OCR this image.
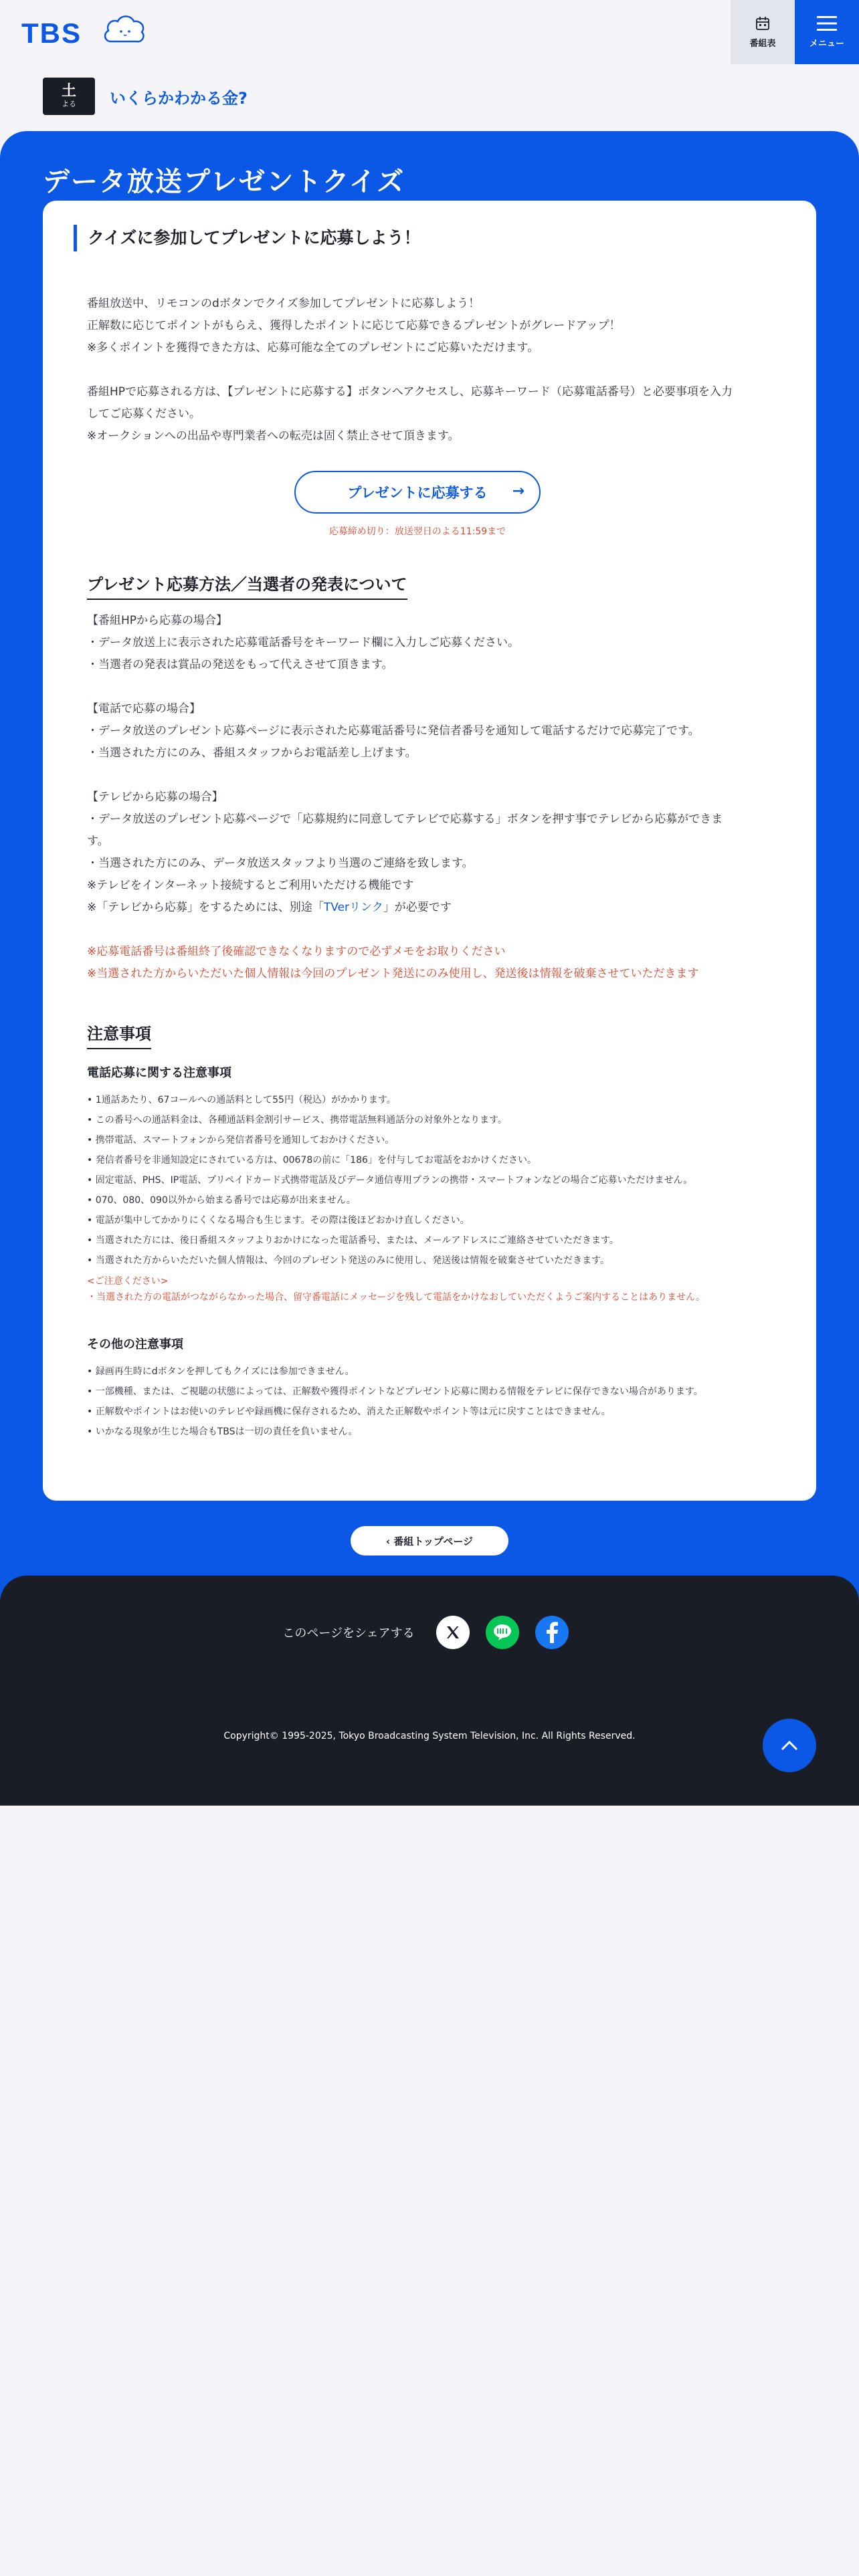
TBS	番組表	メニュー
土
よる いくらかわかる金?
データ放送プレゼントクイズ
クイズに参加してプレゼントに応募しよう！
番組放送中、リモコンのdボタンでクイズ参加してプレゼントに応募しよう！
正解数に応じてポイントがもらえ、獲得したポイントに応じて応募できるプレゼントがグレードアップ！
※多くポイントを獲得できた方は、応募可能な全てのプレゼントにご応募いただけます。
番組HPで応募される方は、【プレゼントに応募する】ボタンへアクセスし、応募キーワード（応募電話番号）と必要事項を入力
してご応募ください。
※オークションへの出品や専門業者への転売は固く禁止させて頂きます。
プレゼントに応募する →
応募締め切り：放送翌日のよる11:59まで
プレゼント応募方法／当選者の発表について
【番組HPから応募の場合】
・データ放送上に表示された応募電話番号をキーワード欄に入力しご応募ください。
・当選者の発表は賞品の発送をもって代えさせて頂きます。
【電話で応募の場合】
・データ放送のプレゼント応募ページに表示された応募電話番号に発信者番号を通知して電話するだけで応募完了です。
・当選された方にのみ、番組スタッフからお電話差し上げます。
【テレビから応募の場合】
・データ放送のプレゼント応募ページで「応募規約に同意してテレビで応募する」ボタンを押す事でテレビから応募ができま
す。
・当選された方にのみ、データ放送スタッフより当選のご連絡を致します。
※テレビをインターネット接続するとご利用いただける機能です
※「テレビから応募」をするためには、別途「TVerリンク」が必要です
※応募電話番号は番組終了後確認できなくなりますので必ずメモをお取りください
※当選された方からいただいた個人情報は今回のプレゼント発送にのみ使用し、発送後は情報を破棄させていただきます
注意事項
電話応募に関する注意事項
• 1通話あたり、67コールへの通話料として55円（税込）がかかります。
• この番号への通話料金は、各種通話料金割引サービス、携帯電話無料通話分の対象外となります。
• 携帯電話、スマートフォンから発信者番号を通知しておかけください。
• 発信者番号を非通知設定にされている方は、00678の前に「186」を付与してお電話をおかけください。
• 固定電話、PHS、IP電話、プリペイドカード式携帯電話及びデータ通信専用プランの携帯・スマートフォンなどの場合ご応募いただけません。
• 070、080、090以外から始まる番号では応募が出来ません。
• 電話が集中してかかりにくくなる場合も生じます。その際は後ほどおかけ直しください。
• 当選された方には、後日番組スタッフよりおかけになった電話番号、または、メールアドレスにご連絡させていただきます。
• 当選された方からいただいた個人情報は、今回のプレゼント発送のみに使用し、発送後は情報を破棄させていただきます。
<ご注意ください>
・当選された方の電話がつながらなかった場合、留守番電話にメッセージを残して電話をかけなおしていただくようご案内することはありません。
その他の注意事項
• 録画再生時にdボタンを押してもクイズには参加できません。
• 一部機種、または、ご視聴の状態によっては、正解数や獲得ポイントなどプレゼント応募に関わる情報をテレビに保存できない場合があります。
• 正解数やポイントはお使いのテレビや録画機に保存されるため、消えた正解数やポイント等は元に戻すことはできません。
• いかなる現象が生じた場合もTBSは一切の責任を負いません。
‹ 番組トップページ
このページをシェアする
Copyright© 1995-2025, Tokyo Broadcasting System Television, Inc. All Rights Reserved.
